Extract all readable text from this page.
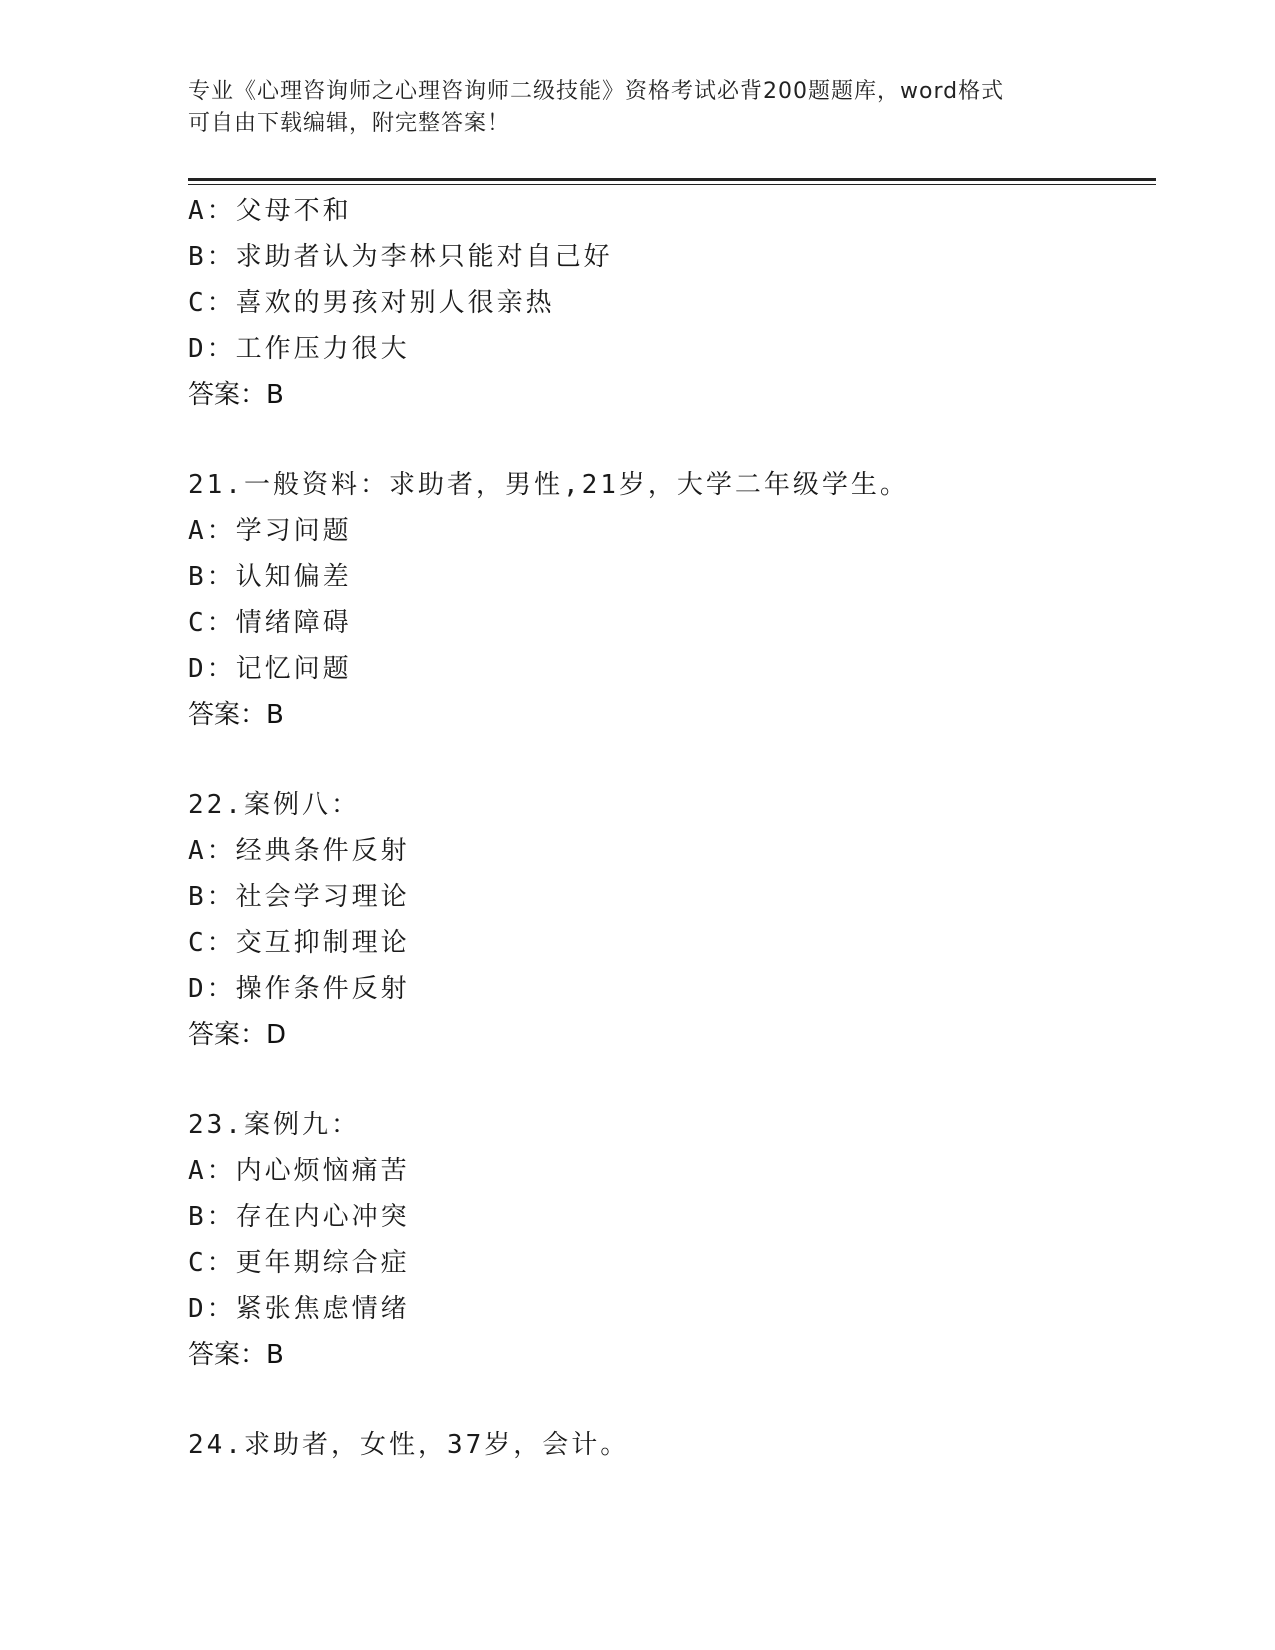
专业《心理咨询师之心理咨询师二级技能》资格考试必背200题题库，word格式
可自由下载编辑，附完整答案！
A：父母不和
B：求助者认为李林只能对自己好
C：喜欢的男孩对别人很亲热
D：工作压力很大
答案：B
21.一般资料：求助者，男性,21岁，大学二年级学生。
A：学习问题
B：认知偏差
C：情绪障碍
D：记忆问题
答案：B
22.案例八：
A：经典条件反射
B：社会学习理论
C：交互抑制理论
D：操作条件反射
答案：D
23.案例九：
A：内心烦恼痛苦
B：存在内心冲突
C：更年期综合症
D：紧张焦虑情绪
答案：B
24.求助者，女性，37岁，会计。
